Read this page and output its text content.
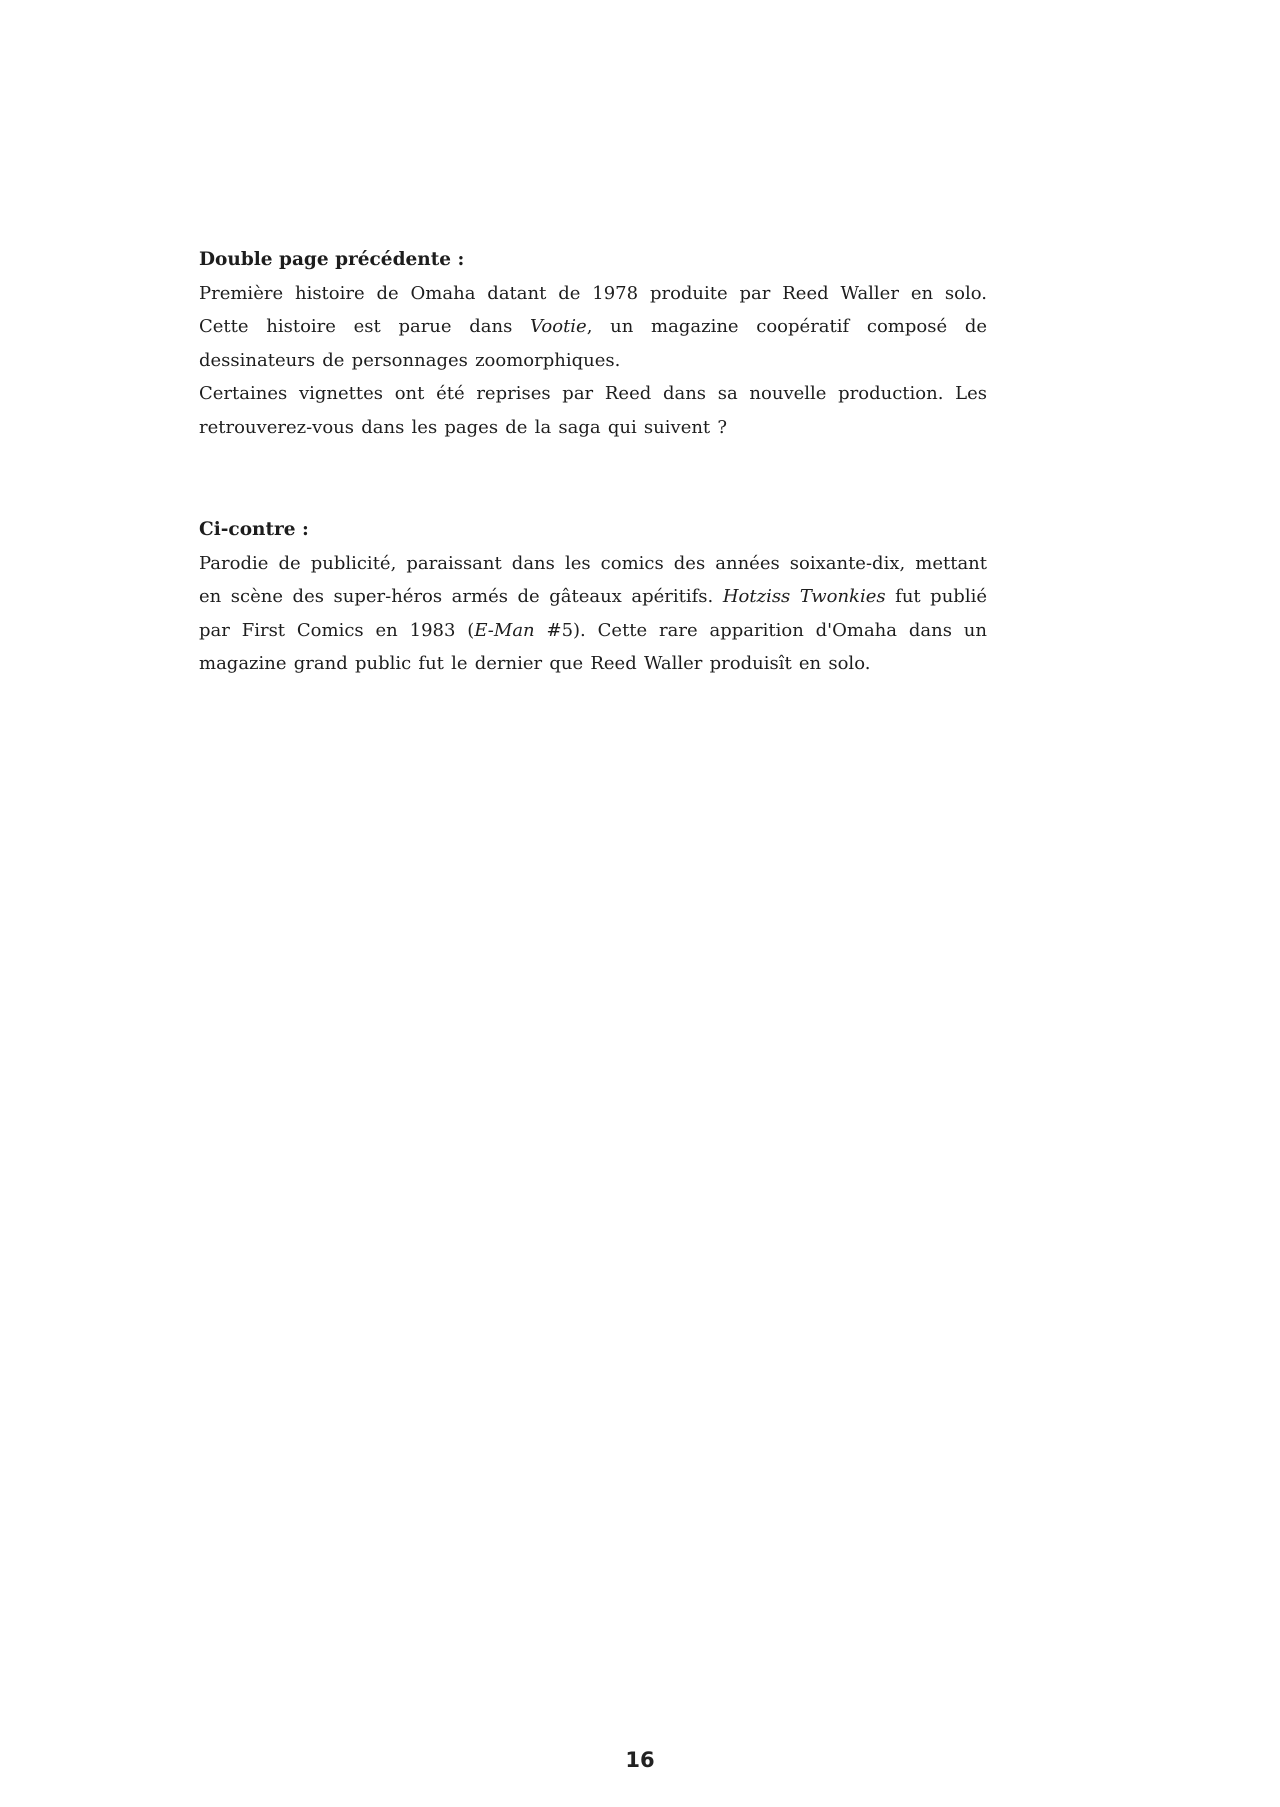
Double page précédente :

Première histoire de Omaha datant de 1978 produite par Reed Waller en solo. Cette histoire est parue dans Vootie, un magazine coopératif composé de dessinateurs de personnages zoomorphiques.

Certaines vignettes ont été reprises par Reed dans sa nouvelle production. Les retrouverez-vous dans les pages de la saga qui suivent ?

Ci-contre :

Parodie de publicité, paraissant dans les comics des années soixante-dix, mettant en scène des super-héros armés de gâteaux apéritifs. Hotziss Twonkies fut publié par First Comics en 1983 (E-Man #5). Cette rare apparition d'Omaha dans un magazine grand public fut le dernier que Reed Waller produisît en solo.

16
